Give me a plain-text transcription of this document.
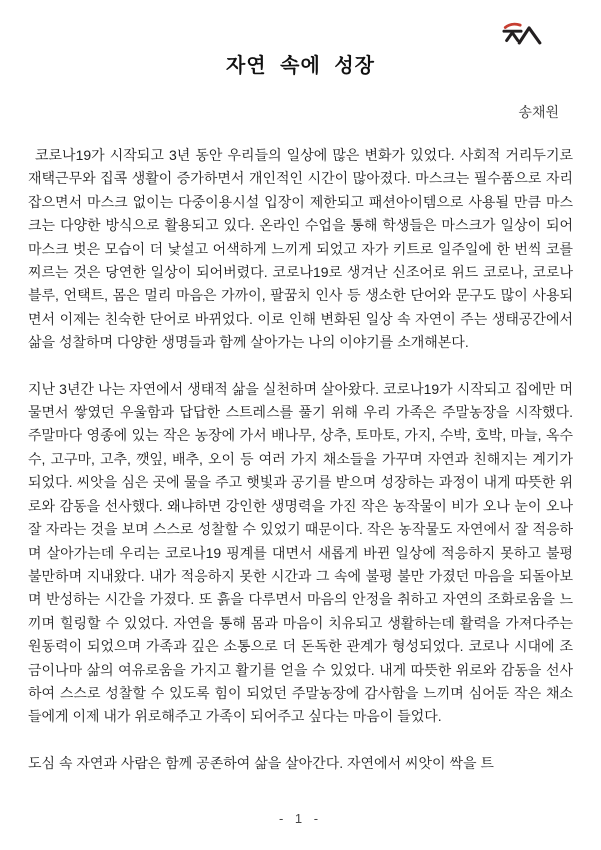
자연 속에 성장
송채원

코로나19가 시작되고 3년 동안 우리들의 일상에 많은 변화가 있었다. 사회적 거리두기로 재택근무와 집콕 생활이 증가하면서 개인적인 시간이 많아졌다. 마스크는 필수품으로 자리 잡으면서 마스크 없이는 다중이용시설 입장이 제한되고 패션아이템으로 사용될 만큼 마스크는 다양한 방식으로 활용되고 있다. 온라인 수업을 통해 학생들은 마스크가 일상이 되어 마스크 벗은 모습이 더 낯설고 어색하게 느끼게 되었고 자가 키트로 일주일에 한 번씩 코를 찌르는 것은 당연한 일상이 되어버렸다. 코로나19로 생겨난 신조어로 위드 코로나, 코로나 블루, 언택트, 몸은 멀리 마음은 가까이, 팔꿈치 인사 등 생소한 단어와 문구도 많이 사용되면서 이제는 친숙한 단어로 바뀌었다. 이로 인해 변화된 일상 속 자연이 주는 생태공간에서 삶을 성찰하며 다양한 생명들과 함께 살아가는 나의 이야기를 소개해본다.

지난 3년간 나는 자연에서 생태적 삶을 실천하며 살아왔다. 코로나19가 시작되고 집에만 머물면서 쌓였던 우울함과 답답한 스트레스를 풀기 위해 우리 가족은 주말농장을 시작했다. 주말마다 영종에 있는 작은 농장에 가서 배나무, 상추, 토마토, 가지, 수박, 호박, 마늘, 옥수수, 고구마, 고추, 깻잎, 배추, 오이 등 여러 가지 채소들을 가꾸며 자연과 친해지는 계기가 되었다. 씨앗을 심은 곳에 물을 주고 햇빛과 공기를 받으며 성장하는 과정이 내게 따뜻한 위로와 감동을 선사했다. 왜냐하면 강인한 생명력을 가진 작은 농작물이 비가 오나 눈이 오나 잘 자라는 것을 보며 스스로 성찰할 수 있었기 때문이다. 작은 농작물도 자연에서 잘 적응하며 살아가는데 우리는 코로나19 핑계를 대면서 새롭게 바뀐 일상에 적응하지 못하고 불평 불만하며 지내왔다. 내가 적응하지 못한 시간과 그 속에 불평 불만 가졌던 마음을 되돌아보며 반성하는 시간을 가졌다. 또 흙을 다루면서 마음의 안정을 취하고 자연의 조화로움을 느끼며 힐링할 수 있었다. 자연을 통해 몸과 마음이 치유되고 생활하는데 활력을 가져다주는 원동력이 되었으며 가족과 깊은 소통으로 더 돈독한 관계가 형성되었다. 코로나 시대에 조금이나마 삶의 여유로움을 가지고 활기를 얻을 수 있었다. 내게 따뜻한 위로와 감동을 선사하여 스스로 성찰할 수 있도록 힘이 되었던 주말농장에 감사함을 느끼며 심어둔 작은 채소들에게 이제 내가 위로해주고 가족이 되어주고 싶다는 마음이 들었다.

도심 속 자연과 사람은 함께 공존하여 삶을 살아간다. 자연에서 씨앗이 싹을 트

- 1 -
